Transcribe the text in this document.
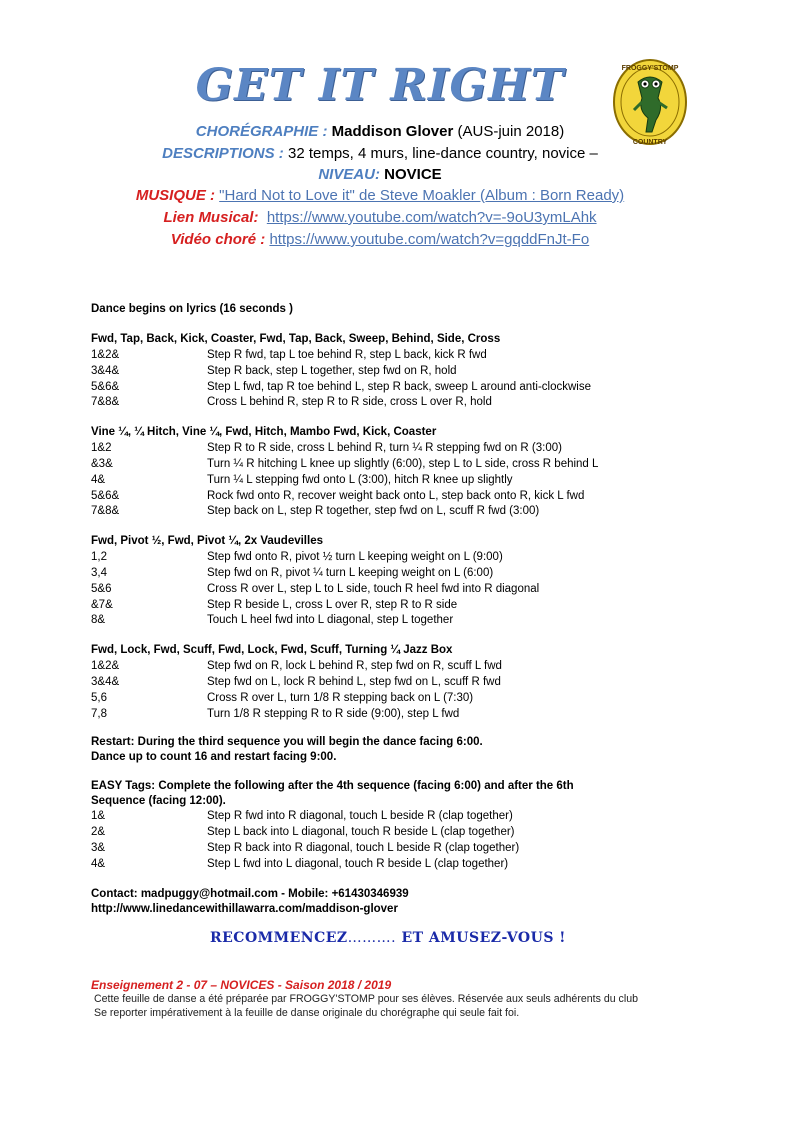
GET IT RIGHT	FROGGY'STOMP
COUNTRY
CHORÉGRAPHIE : Maddison Glover (AUS-juin 2018)
DESCRIPTIONS : 32 temps, 4 murs, line-dance country, novice –
NIVEAU: NOVICE
MUSIQUE : "Hard Not to Love it" de Steve Moakler (Album : Born Ready)
Lien Musical: https://www.youtube.com/watch?v=-9oU3ymLAhk
Vidéo choré : https://www.youtube.com/watch?v=gqddFnJt-Fo
Dance begins on lyrics (16 seconds )
Fwd, Tap, Back, Kick, Coaster, Fwd, Tap, Back, Sweep, Behind, Side, Cross
1&2&	Step R fwd, tap L toe behind R, step L back, kick R fwd
3&4&	Step R back, step L together, step fwd on R, hold
5&6&	Step L fwd, tap R toe behind L, step R back, sweep L around anti-clockwise
7&8&	Cross L behind R, step R to R side, cross L over R, hold
Vine ¼, ¼ Hitch, Vine ¼, Fwd, Hitch, Mambo Fwd, Kick, Coaster
1&2	Step R to R side, cross L behind R, turn ¼ R stepping fwd on R (3:00)
&3&	Turn ¼ R hitching L knee up slightly (6:00), step L to L side, cross R behind L
4&	Turn ¼ L stepping fwd onto L (3:00), hitch R knee up slightly
5&6&	Rock fwd onto R, recover weight back onto L, step back onto R, kick L fwd
7&8&	Step back on L, step R together, step fwd on L, scuff R fwd (3:00)
Fwd, Pivot ½, Fwd, Pivot ¼, 2x Vaudevilles
1,2	Step fwd onto R, pivot ½ turn L keeping weight on L (9:00)
3,4	Step fwd on R, pivot ¼ turn L keeping weight on L (6:00)
5&6	Cross R over L, step L to L side, touch R heel fwd into R diagonal
&7&	Step R beside L, cross L over R, step R to R side
8&	Touch L heel fwd into L diagonal, step L together
Fwd, Lock, Fwd, Scuff, Fwd, Lock, Fwd, Scuff, Turning ¼ Jazz Box
1&2&	Step fwd on R, lock L behind R, step fwd on R, scuff L fwd
3&4&	Step fwd on L, lock R behind L, step fwd on L, scuff R fwd
5,6	Cross R over L, turn 1/8 R stepping back on L (7:30)
7,8	Turn 1/8 R stepping R to R side (9:00), step L fwd
Restart: During the third sequence you will begin the dance facing 6:00.
Dance up to count 16 and restart facing 9:00.
EASY Tags: Complete the following after the 4th sequence (facing 6:00) and after the 6th
Sequence (facing 12:00).
1&	Step R fwd into R diagonal, touch L beside R (clap together)
2&	Step L back into L diagonal, touch R beside L (clap together)
3&	Step R back into R diagonal, touch L beside R (clap together)
4&	Step L fwd into L diagonal, touch R beside L (clap together)
Contact: madpuggy@hotmail.com - Mobile: +61430346939
http://www.linedancewithillawarra.com/maddison-glover
RECOMMENCEZ………. ET AMUSEZ-VOUS !
Enseignement 2 - 07 – NOVICES - Saison 2018 / 2019
Cette feuille de danse a été préparée par FROGGY'STOMP pour ses élèves. Réservée aux seuls adhérents du club
Se reporter impérativement à la feuille de danse originale du chorégraphe qui seule fait foi.
